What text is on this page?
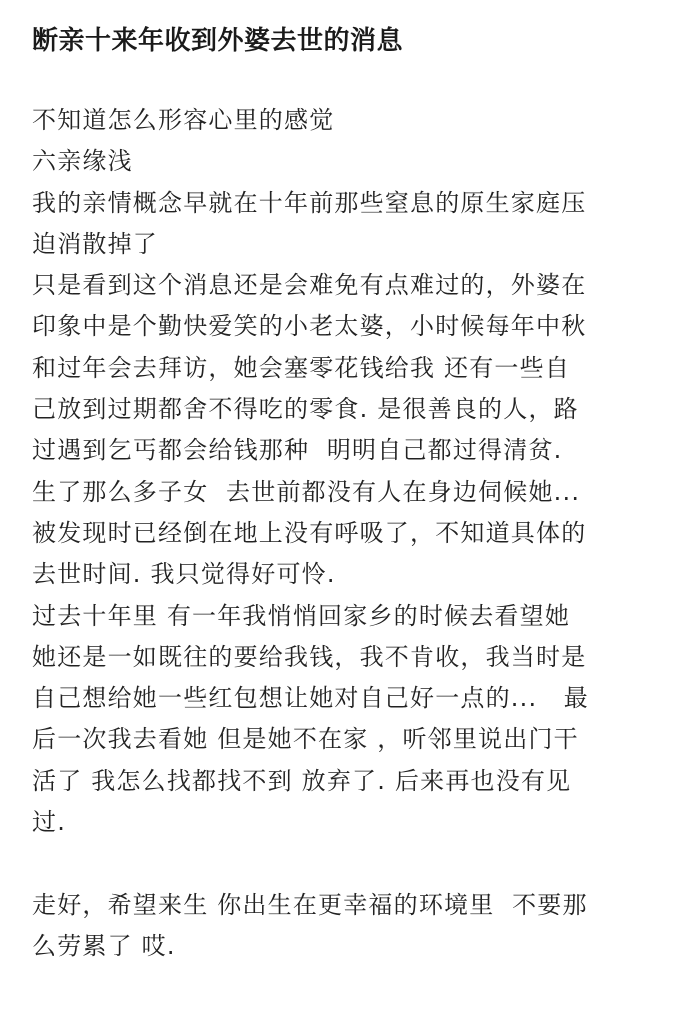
断亲十来年收到外婆去世的消息
不知道怎么形容心里的感觉
六亲缘浅
我的亲情概念早就在十年前那些窒息的原生家庭压
迫消散掉了
只是看到这个消息还是会难免有点难过的，外婆在
印象中是个勤快爱笑的小老太婆，小时候每年中秋
和过年会去拜访，她会塞零花钱给我 还有一些自
己放到过期都舍不得吃的零食. 是很善良的人，路
过遇到乞丐都会给钱那种  明明自己都过得清贫.
生了那么多子女  去世前都没有人在身边伺候她...
被发现时已经倒在地上没有呼吸了，不知道具体的
去世时间. 我只觉得好可怜.
过去十年里 有一年我悄悄回家乡的时候去看望她
她还是一如既往的要给我钱，我不肯收，我当时是
自己想给她一些红包想让她对自己好一点的...   最
后一次我去看她 但是她不在家 ，听邻里说出门干
活了 我怎么找都找不到 放弃了. 后来再也没有见
过.
走好，希望来生 你出生在更幸福的环境里  不要那
么劳累了 哎.
